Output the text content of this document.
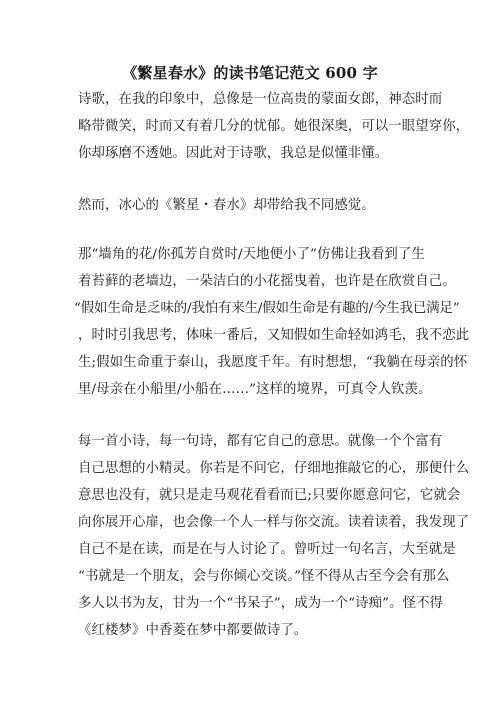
《繁星春水》的读书笔记范文 600 字
诗歌，在我的印象中，总像是一位高贵的蒙面女郎，神态时而
略带微笑，时而又有着几分的忧郁。她很深奥，可以一眼望穿你，
你却琢磨不透她。因此对于诗歌，我总是似懂非懂。
然而，冰心的《繁星・春水》却带给我不同感觉。
那“墙角的花/你孤芳自赏时/天地便小了”仿佛让我看到了生
着苔藓的老墙边，一朵洁白的小花摇曳着，也许是在欣赏自己。
“假如生命是乏味的/我怕有来生/假如生命是有趣的/今生我已满足”
，时时引我思考，体味一番后，又知假如生命轻如鸿毛，我不恋此
生;假如生命重于泰山，我愿度千年。有时想想，“我躺在母亲的怀
里/母亲在小船里/小船在……”这样的境界，可真令人钦羡。
每一首小诗，每一句诗，都有它自己的意思。就像一个个富有
自己思想的小精灵。你若是不问它，仔细地推敲它的心，那便什么
意思也没有，就只是走马观花看看而已;只要你愿意问它，它就会
向你展开心扉，也会像一个人一样与你交流。读着读着，我发现了
自己不是在读，而是在与人讨论了。曾听过一句名言，大至就是
“书就是一个朋友，会与你倾心交谈。”怪不得从古至今会有那么
多人以书为友，甘为一个“书呆子”，成为一个“诗痴”。怪不得
《红楼梦》中香菱在梦中都要做诗了。
